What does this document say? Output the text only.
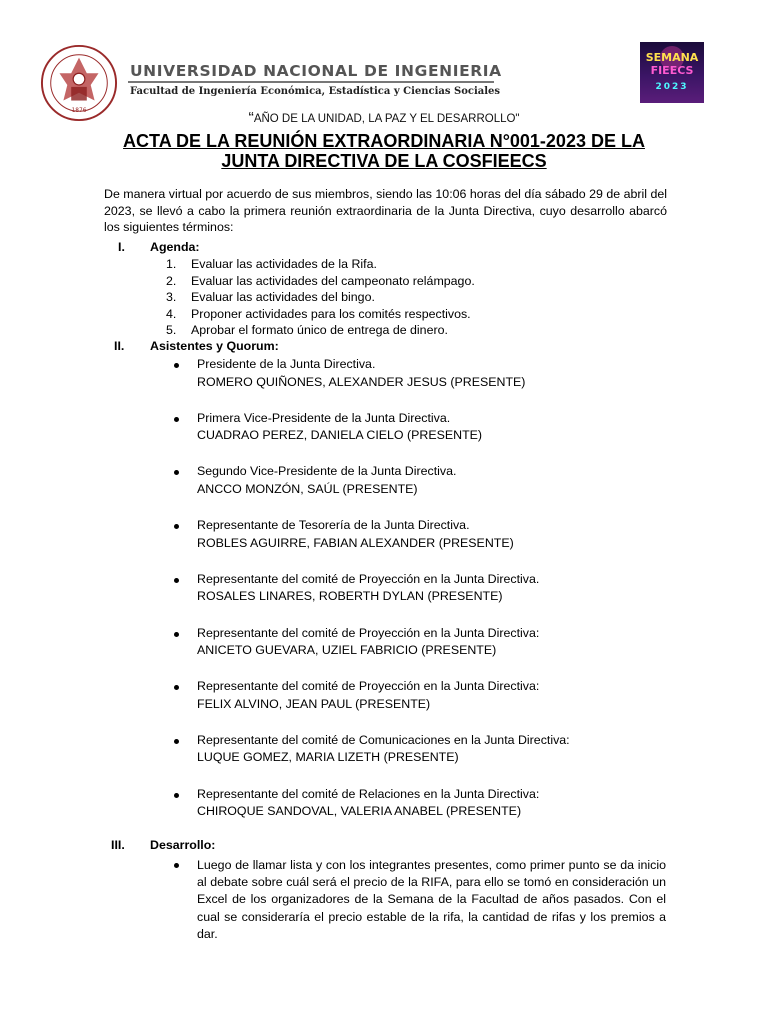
1876
UNIVERSIDAD NACIONAL DE INGENIERIA
Facultad de Ingeniería Económica, Estadística y Ciencias Sociales
SEMANA
FIEECS
2023
“AÑO DE LA UNIDAD, LA PAZ Y EL DESARROLLO"
ACTA DE LA REUNIÓN EXTRAORDINARIA N°001-2023 DE LA
JUNTA DIRECTIVA DE LA COSFIEECS
De manera virtual por acuerdo de sus miembros, siendo las 10:06 horas del día sábado 29 de abril del 2023, se llevó a cabo la primera reunión extraordinaria de la Junta Directiva, cuyo desarrollo abarcó los siguientes términos:
I. Agenda:
1. Evaluar las actividades de la Rifa.
2. Evaluar las actividades del campeonato relámpago.
3. Evaluar las actividades del bingo.
4. Proponer actividades para los comités respectivos.
5. Aprobar el formato único de entrega de dinero.
II. Asistentes y Quorum:
Presidente de la Junta Directiva.
ROMERO QUIÑONES, ALEXANDER JESUS (PRESENTE)
Primera Vice-Presidente de la Junta Directiva.
CUADRAO PEREZ, DANIELA CIELO (PRESENTE)
Segundo Vice-Presidente de la Junta Directiva.
ANCCO MONZÓN, SAÚL (PRESENTE)
Representante de Tesorería de la Junta Directiva.
ROBLES AGUIRRE, FABIAN ALEXANDER (PRESENTE)
Representante del comité de Proyección en la Junta Directiva.
ROSALES LINARES, ROBERTH DYLAN (PRESENTE)
Representante del comité de Proyección en la Junta Directiva:
ANICETO GUEVARA, UZIEL FABRICIO (PRESENTE)
Representante del comité de Proyección en la Junta Directiva:
FELIX ALVINO, JEAN PAUL (PRESENTE)
Representante del comité de Comunicaciones en la Junta Directiva:
LUQUE GOMEZ, MARIA LIZETH (PRESENTE)
Representante del comité de Relaciones en la Junta Directiva:
CHIROQUE SANDOVAL, VALERIA ANABEL (PRESENTE)
III. Desarrollo:
Luego de llamar lista y con los integrantes presentes, como primer punto se da inicio al debate sobre cuál será el precio de la RIFA, para ello se tomó en consideración un Excel de los organizadores de la Semana de la Facultad de años pasados. Con el cual se consideraría el precio estable de la rifa, la cantidad de rifas y los premios a dar.
